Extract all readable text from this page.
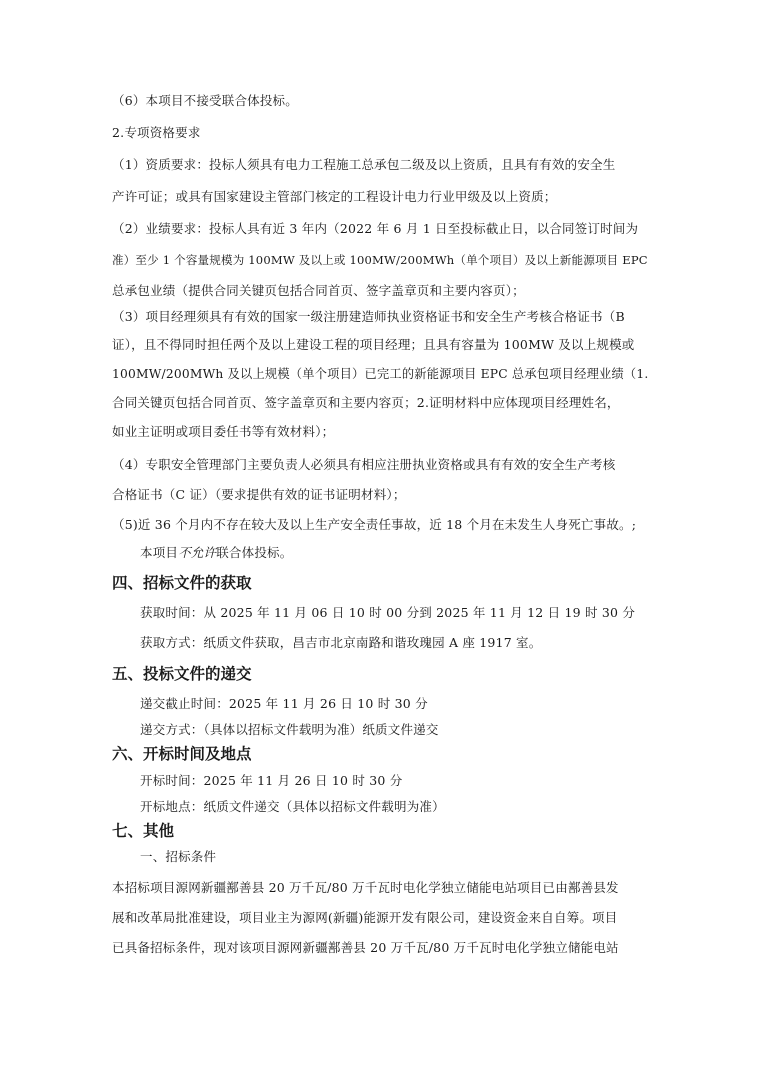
（6）本项目不接受联合体投标。
2.专项资格要求
（1）资质要求：投标人须具有电力工程施工总承包二级及以上资质，且具有有效的安全生
产许可证；或具有国家建设主管部门核定的工程设计电力行业甲级及以上资质；
（2）业绩要求：投标人具有近 3 年内（2022 年 6 月 1 日至投标截止日，以合同签订时间为
准）至少 1 个容量规模为 100MW 及以上或 100MW/200MWh（单个项目）及以上新能源项目 EPC
总承包业绩（提供合同关键页包括合同首页、签字盖章页和主要内容页）；
（3）项目经理须具有有效的国家一级注册建造师执业资格证书和安全生产考核合格证书（B
证），且不得同时担任两个及以上建设工程的项目经理；且具有容量为 100MW 及以上规模或
100MW/200MWh 及以上规模（单个项目）已完工的新能源项目 EPC 总承包项目经理业绩（1.
合同关键页包括合同首页、签字盖章页和主要内容页；2.证明材料中应体现项目经理姓名，
如业主证明或项目委任书等有效材料）；
（4）专职安全管理部门主要负责人必须具有相应注册执业资格或具有有效的安全生产考核
合格证书（C 证）（要求提供有效的证书证明材料）；
（5)近 36 个月内不存在较大及以上生产安全责任事故，近 18 个月在未发生人身死亡事故。;
本项目不允许联合体投标。
四、招标文件的获取
获取时间：从 2025 年 11 月 06 日 10 时 00 分到 2025 年 11 月 12 日 19 时 30 分
获取方式：纸质文件获取，昌吉市北京南路和谐玫瑰园 A 座 1917 室。
五、投标文件的递交
递交截止时间：2025 年 11 月 26 日 10 时 30 分
递交方式：（具体以招标文件载明为准）纸质文件递交
六、开标时间及地点
开标时间：2025 年 11 月 26 日 10 时 30 分
开标地点：纸质文件递交（具体以招标文件载明为准）
七、其他
一、招标条件
本招标项目源网新疆鄯善县 20 万千瓦/80 万千瓦时电化学独立储能电站项目已由鄯善县发
展和改革局批准建设，项目业主为源网(新疆)能源开发有限公司，建设资金来自自筹。项目
已具备招标条件，现对该项目源网新疆鄯善县 20 万千瓦/80 万千瓦时电化学独立储能电站
